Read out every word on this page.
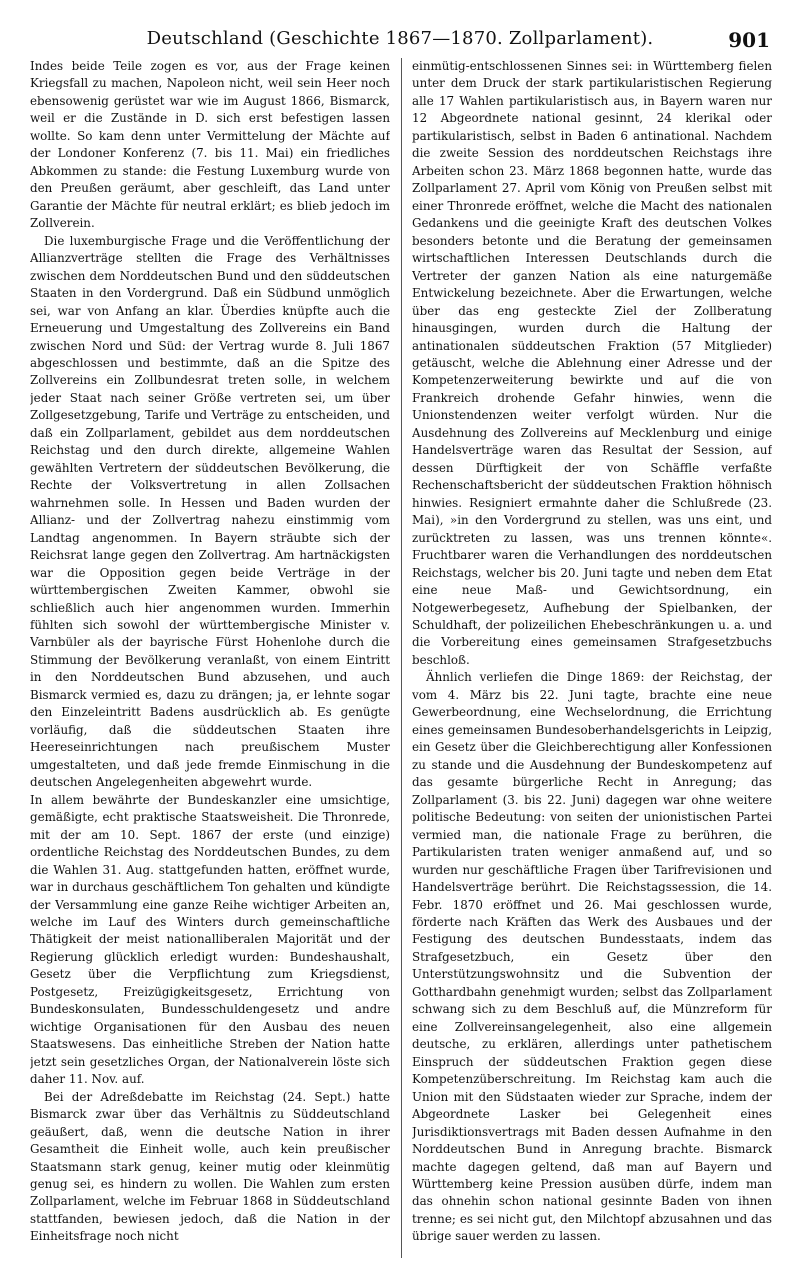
Deutschland (Geschichte 1867—1870. Zollparlament).	901

Indes beide Teile zogen es vor, aus der Frage keinen Kriegsfall zu machen, Napoleon nicht, weil sein Heer noch ebensowenig gerüstet war wie im August 1866, Bismarck, weil er die Zustände in D. sich erst befestigen lassen wollte. So kam denn unter Vermittelung der Mächte auf der Londoner Konferenz (7. bis 11. Mai) ein friedliches Abkommen zu stande: die Festung Luxemburg wurde von den Preußen geräumt, aber geschleift, das Land unter Garantie der Mächte für neutral erklärt; es blieb jedoch im Zollverein.

Die luxemburgische Frage und die Veröffentlichung der Allianzverträge stellten die Frage des Verhältnisses zwischen dem Norddeutschen Bund und den süddeutschen Staaten in den Vordergrund. Daß ein Südbund unmöglich sei, war von Anfang an klar. Überdies knüpfte auch die Erneuerung und Umgestaltung des Zollvereins ein Band zwischen Nord und Süd: der Vertrag wurde 8. Juli 1867 abgeschlossen und bestimmte, daß an die Spitze des Zollvereins ein Zollbundesrat treten solle, in welchem jeder Staat nach seiner Größe vertreten sei, um über Zollgesetzgebung, Tarife und Verträge zu entscheiden, und daß ein Zollparlament, gebildet aus dem norddeutschen Reichstag und den durch direkte, allgemeine Wahlen gewählten Vertretern der süddeutschen Bevölkerung, die Rechte der Volksvertretung in allen Zollsachen wahrnehmen solle. In Hessen und Baden wurden der Allianz- und der Zollvertrag nahezu einstimmig vom Landtag angenommen. In Bayern sträubte sich der Reichsrat lange gegen den Zollvertrag. Am hartnäckigsten war die Opposition gegen beide Verträge in der württembergischen Zweiten Kammer, obwohl sie schließlich auch hier angenommen wurden. Immerhin fühlten sich sowohl der württembergische Minister v. Varnbüler als der bayrische Fürst Hohenlohe durch die Stimmung der Bevölkerung veranlaßt, von einem Eintritt in den Norddeutschen Bund abzusehen, und auch Bismarck vermied es, dazu zu drängen; ja, er lehnte sogar den Einzeleintritt Badens ausdrücklich ab. Es genügte vorläufig, daß die süddeutschen Staaten ihre Heereseinrichtungen nach preußischem Muster umgestalteten, und daß jede fremde Einmischung in die deutschen Angelegenheiten abgewehrt wurde.

In allem bewährte der Bundeskanzler eine umsichtige, gemäßigte, echt praktische Staatsweisheit. Die Thronrede, mit der am 10. Sept. 1867 der erste (und einzige) ordentliche Reichstag des Norddeutschen Bundes, zu dem die Wahlen 31. Aug. stattgefunden hatten, eröffnet wurde, war in durchaus geschäftlichem Ton gehalten und kündigte der Versammlung eine ganze Reihe wichtiger Arbeiten an, welche im Lauf des Winters durch gemeinschaftliche Thätigkeit der meist nationalliberalen Majorität und der Regierung glücklich erledigt wurden: Bundeshaushalt, Gesetz über die Verpflichtung zum Kriegsdienst, Postgesetz, Freizügigkeitsgesetz, Errichtung von Bundeskonsulaten, Bundesschuldengesetz und andre wichtige Organisationen für den Ausbau des neuen Staatswesens. Das einheitliche Streben der Nation hatte jetzt sein gesetzliches Organ, der Nationalverein löste sich daher 11. Nov. auf.

Bei der Adreßdebatte im Reichstag (24. Sept.) hatte Bismarck zwar über das Verhältnis zu Süddeutschland geäußert, daß, wenn die deutsche Nation in ihrer Gesamtheit die Einheit wolle, auch kein preußischer Staatsmann stark genug, keiner mutig oder kleinmütig genug sei, es hindern zu wollen. Die Wahlen zum ersten Zollparlament, welche im Februar 1868 in Süddeutschland stattfanden, bewiesen jedoch, daß die Nation in der Einheitsfrage noch nicht

einmütig-entschlossenen Sinnes sei: in Württemberg fielen unter dem Druck der stark partikularistischen Regierung alle 17 Wahlen partikularistisch aus, in Bayern waren nur 12 Abgeordnete national gesinnt, 24 klerikal oder partikularistisch, selbst in Baden 6 antinational. Nachdem die zweite Session des norddeutschen Reichstags ihre Arbeiten schon 23. März 1868 begonnen hatte, wurde das Zollparlament 27. April vom König von Preußen selbst mit einer Thronrede eröffnet, welche die Macht des nationalen Gedankens und die geeinigte Kraft des deutschen Volkes besonders betonte und die Beratung der gemeinsamen wirtschaftlichen Interessen Deutschlands durch die Vertreter der ganzen Nation als eine naturgemäße Entwickelung bezeichnete. Aber die Erwartungen, welche über das eng gesteckte Ziel der Zollberatung hinausgingen, wurden durch die Haltung der antinationalen süddeutschen Fraktion (57 Mitglieder) getäuscht, welche die Ablehnung einer Adresse und der Kompetenzerweiterung bewirkte und auf die von Frankreich drohende Gefahr hinwies, wenn die Unionstendenzen weiter verfolgt würden. Nur die Ausdehnung des Zollvereins auf Mecklenburg und einige Handelsverträge waren das Resultat der Session, auf dessen Dürftigkeit der von Schäffle verfaßte Rechenschaftsbericht der süddeutschen Fraktion höhnisch hinwies. Resigniert ermahnte daher die Schlußrede (23. Mai), »in den Vordergrund zu stellen, was uns eint, und zurücktreten zu lassen, was uns trennen könnte«. Fruchtbarer waren die Verhandlungen des norddeutschen Reichstags, welcher bis 20. Juni tagte und neben dem Etat eine neue Maß- und Gewichtsordnung, ein Notgewerbegesetz, Aufhebung der Spielbanken, der Schuldhaft, der polizeilichen Ehebeschränkungen u. a. und die Vorbereitung eines gemeinsamen Strafgesetzbuchs beschloß.

Ähnlich verliefen die Dinge 1869: der Reichstag, der vom 4. März bis 22. Juni tagte, brachte eine neue Gewerbeordnung, eine Wechselordnung, die Errichtung eines gemeinsamen Bundesoberhandelsgerichts in Leipzig, ein Gesetz über die Gleichberechtigung aller Konfessionen zu stande und die Ausdehnung der Bundeskompetenz auf das gesamte bürgerliche Recht in Anregung; das Zollparlament (3. bis 22. Juni) dagegen war ohne weitere politische Bedeutung: von seiten der unionistischen Partei vermied man, die nationale Frage zu berühren, die Partikularisten traten weniger anmaßend auf, und so wurden nur geschäftliche Fragen über Tarifrevisionen und Handelsverträge berührt. Die Reichstagssession, die 14. Febr. 1870 eröffnet und 26. Mai geschlossen wurde, förderte nach Kräften das Werk des Ausbaues und der Festigung des deutschen Bundesstaats, indem das Strafgesetzbuch, ein Gesetz über den Unterstützungswohnsitz und die Subvention der Gotthardbahn genehmigt wurden; selbst das Zollparlament schwang sich zu dem Beschluß auf, die Münzreform für eine Zollvereinsangelegenheit, also eine allgemein deutsche, zu erklären, allerdings unter pathetischem Einspruch der süddeutschen Fraktion gegen diese Kompetenzüberschreitung. Im Reichstag kam auch die Union mit den Südstaaten wieder zur Sprache, indem der Abgeordnete Lasker bei Gelegenheit eines Jurisdiktionsvertrags mit Baden dessen Aufnahme in den Norddeutschen Bund in Anregung brachte. Bismarck machte dagegen geltend, daß man auf Bayern und Württemberg keine Pression ausüben dürfe, indem man das ohnehin schon national gesinnte Baden von ihnen trenne; es sei nicht gut, den Milchtopf abzusahnen und das übrige sauer werden zu lassen.
